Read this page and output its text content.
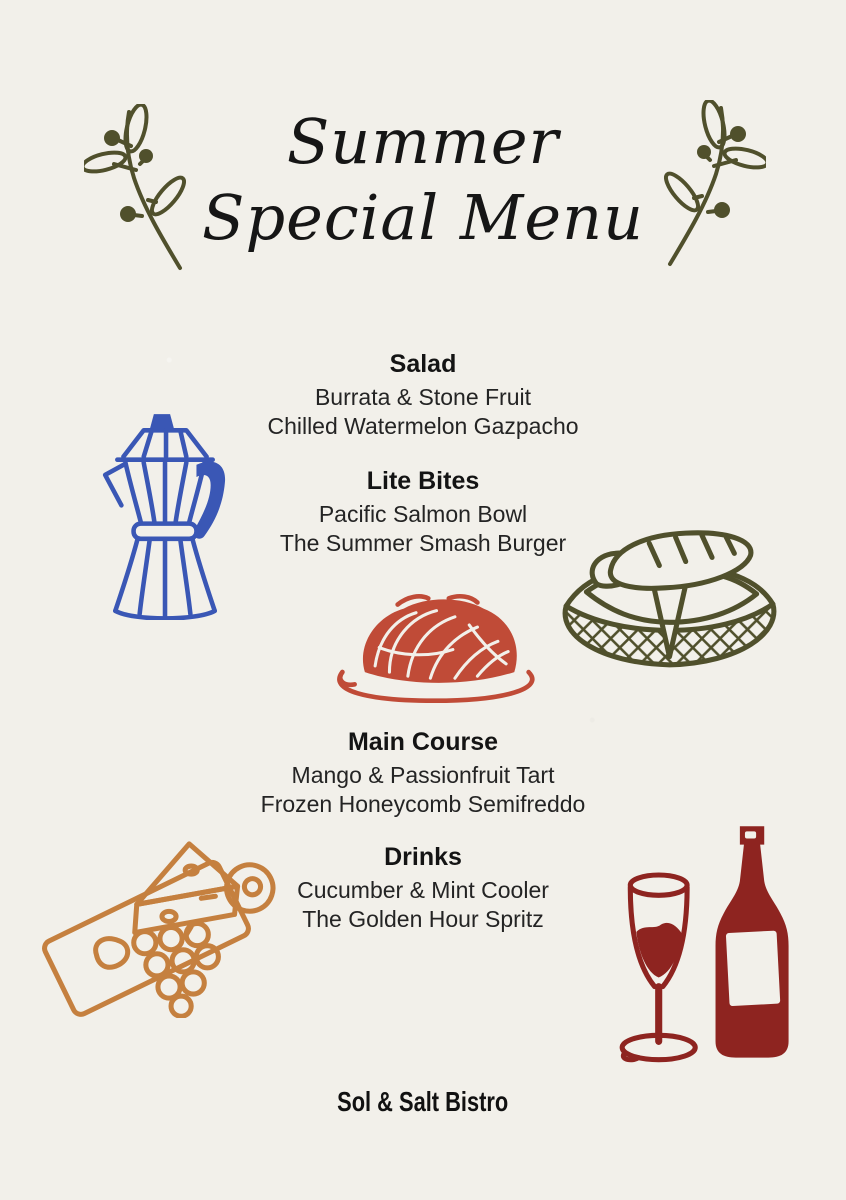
Summer
Special Menu
Salad

Burrata & Stone Fruit

Chilled Watermelon Gazpacho

Lite Bites

Pacific Salmon Bowl

The Summer Smash Burger

Main Course

Mango & Passionfruit Tart

Frozen Honeycomb Semifreddo

Drinks

Cucumber & Mint Cooler

The Golden Hour Spritz

Sol & Salt Bistro
